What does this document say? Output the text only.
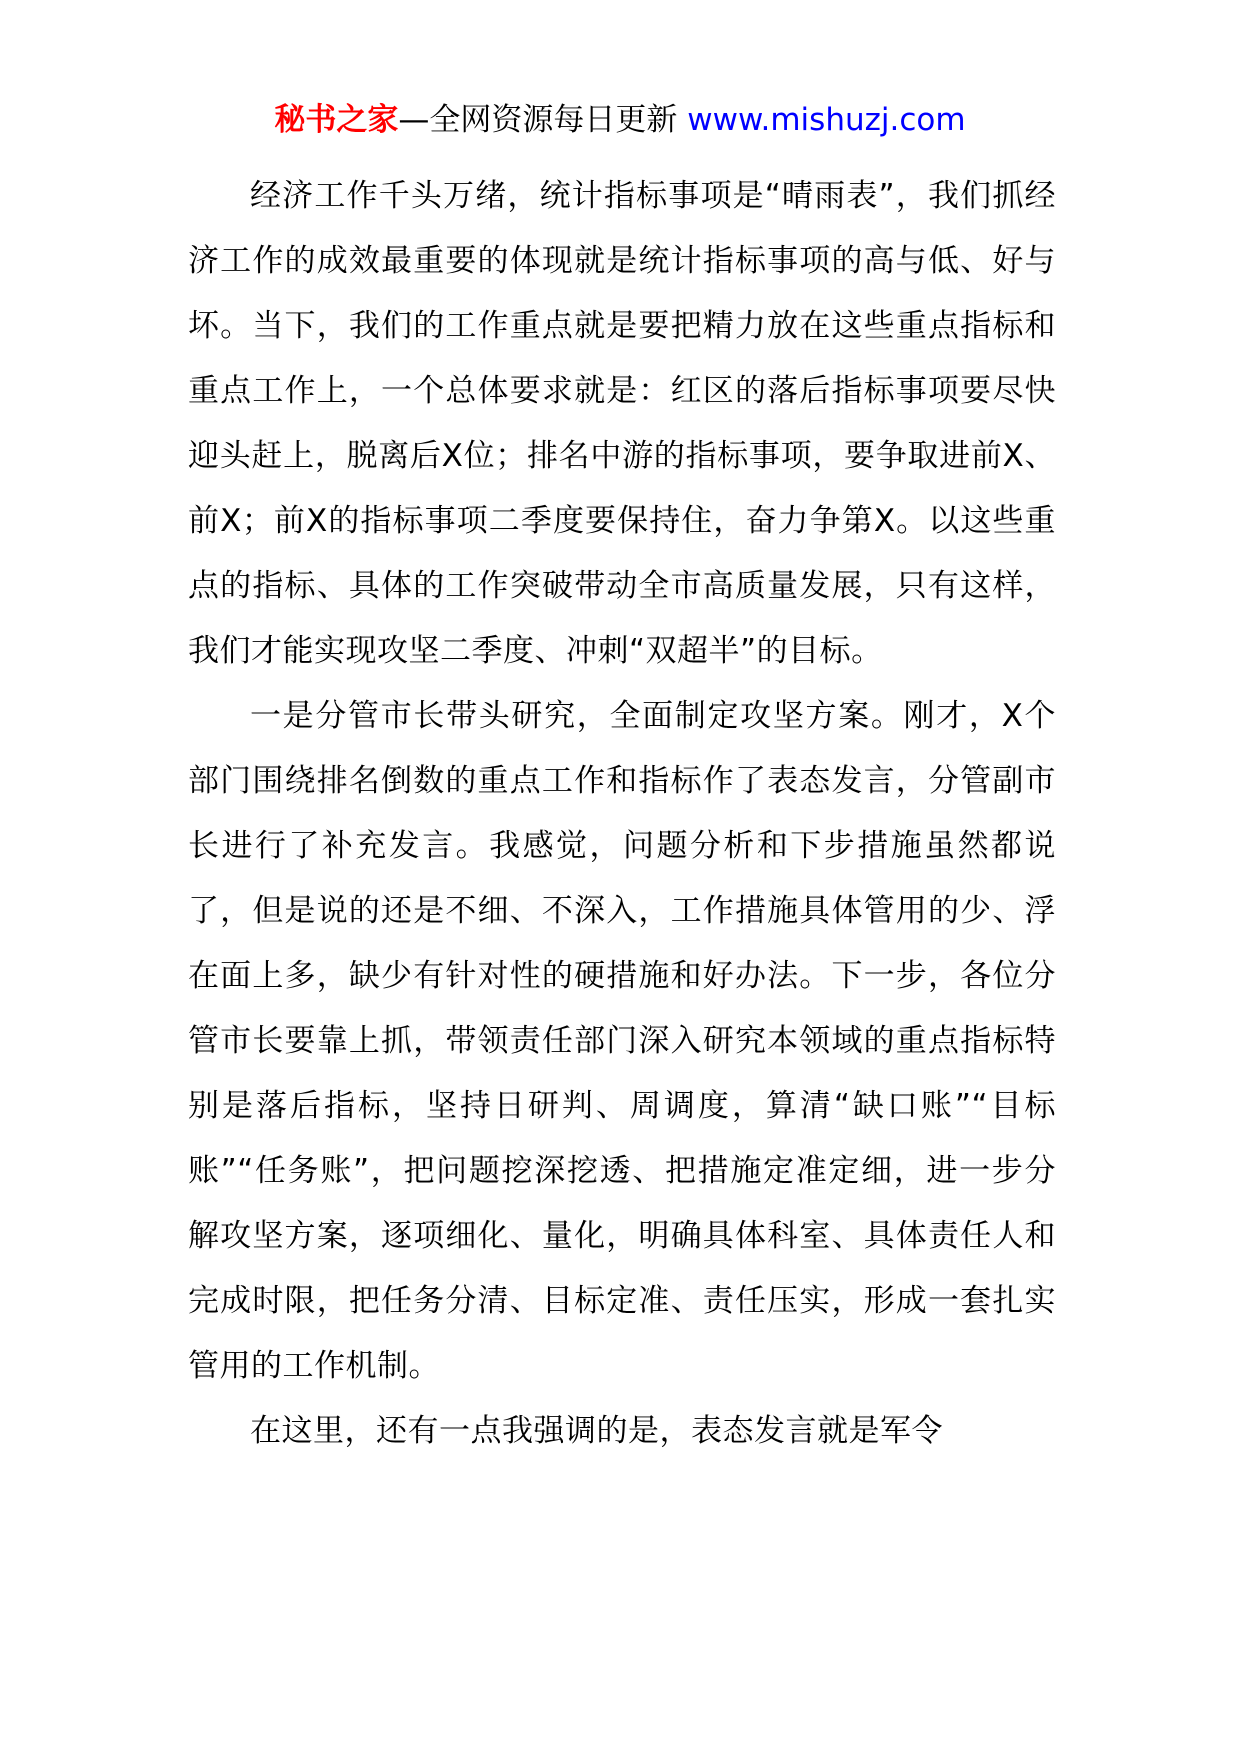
秘书之家—全网资源每日更新 www.mishuzj.com

经济工作千头万绪，统计指标事项是“晴雨表”，我们抓经济工作的成效最重要的体现就是统计指标事项的高与低、好与坏。当下，我们的工作重点就是要把精力放在这些重点指标和重点工作上，一个总体要求就是：红区的落后指标事项要尽快迎头赶上，脱离后X位；排名中游的指标事项，要争取进前X、前X；前X的指标事项二季度要保持住，奋力争第X。以这些重点的指标、具体的工作突破带动全市高质量发展，只有这样，我们才能实现攻坚二季度、冲刺“双超半”的目标。

一是分管市长带头研究，全面制定攻坚方案。刚才，X个部门围绕排名倒数的重点工作和指标作了表态发言，分管副市长进行了补充发言。我感觉，问题分析和下步措施虽然都说了，但是说的还是不细、不深入，工作措施具体管用的少、浮在面上多，缺少有针对性的硬措施和好办法。下一步，各位分管市长要靠上抓，带领责任部门深入研究本领域的重点指标特别是落后指标，坚持日研判、周调度，算清“缺口账”“目标账”“任务账”，把问题挖深挖透、把措施定准定细，进一步分解攻坚方案，逐项细化、量化，明确具体科室、具体责任人和完成时限，把任务分清、目标定准、责任压实，形成一套扎实管用的工作机制。

在这里，还有一点我强调的是，表态发言就是军令
